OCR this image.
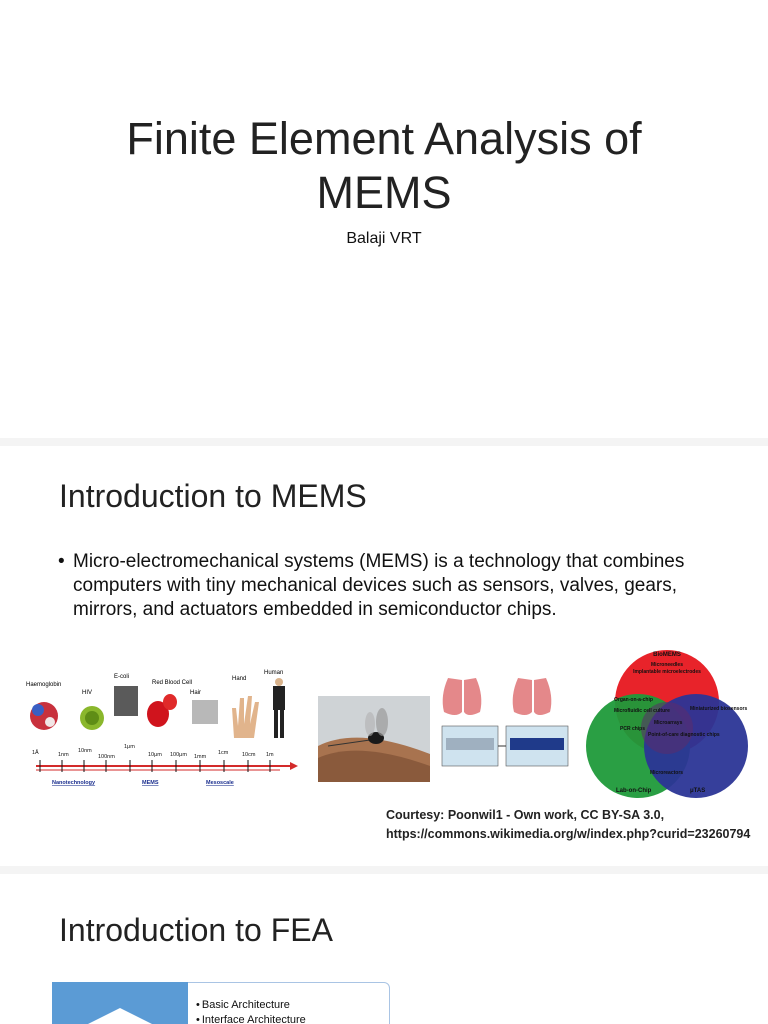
Finite Element Analysis of MEMS
Balaji VRT
Introduction to MEMS
• Micro-electromechanical systems (MEMS) is a technology that combines computers with tiny mechanical devices such as sensors, valves, gears, mirrors, and actuators embedded in semiconductor chips.
Haemoglobin
HIV
E-coli
Red Blood Cell
Hair
Hand
Human
1Å	1nm
10nm
100nm
1μm
10μm 100μm 1mm
1cm 10cm 1m
Nanotechnology	MEMS	Mesoscale
BioMEMS
Microneedles
Implantable microelectrodes
Organ-on-a-chip
Microfluidic cell culture
PCR chips
Miniaturized biosensors
Microarrays
Point-of-care diagnostic chips
Microreactors
Lab-on-Chip	μTAS
Courtesy: Poonwil1 - Own work, CC BY-SA 3.0,
https://commons.wikimedia.org/w/index.php?curid=23260794
Introduction to FEA
• Basic Architecture
• Interface Architecture
